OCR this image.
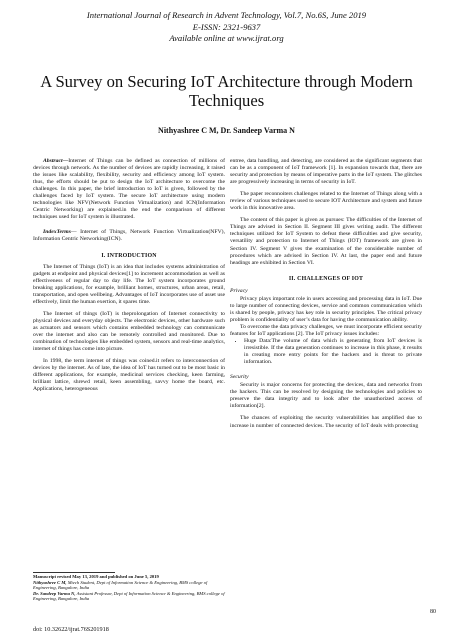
International Journal of Research in Advent Technology, Vol.7, No.6S, June 2019
E-ISSN: 2321-9637
Available online at www.ijrat.org
A Survey on Securing IoT Architecture through Modern Techniques
Nithyashree C M, Dr. Sandeep Varma N

Abstract—Internet of Things can be defined as connection of millions of devices through network. As the number of devices are rapidly increasing, it raised the issues like scalability, flexibility, security and efficiency among IoT system. thus, the efforts should be put to design the IoT architecture to overcome the challenges. In this paper, the brief introduction to IoT is given, followed by the challenges faced by IoT system. The secure IoT architecture using modern technologies like NFV(Network Function Virtualization) and ICN(Information Centric Networking) are explained.in the end the comparison of different techniques used for IoT system is illustrated.

IndexTerms— Internet of Things, Network Function Virtualization(NFV), Information Centric Networking(ICN).

I. INTRODUCTION

The Internet of Things (IoT) is an idea that includes systems administration of gadgets at endpoint and physical devices[1] to increment accommodation as well as effectiveness of regular day to day life. The IoT system incorporates ground breaking applications, for example, brilliant homes, structures, urban areas, retail, transportation, and open wellbeing. Advantages of IoT incorporates use of asset use effectively, limit the human exertion, it spares time.

The Internet of things (IoT) is theprolongation of Internet connectivity to physical devices and everyday objects. The electronic devices, other hardware such as actuators and sensors which contains embedded technology can communicate over the internet and also can be remotely controlled and monitored. Due to combination of technologies like embedded system, sensors and real-time analytics, internet of things has come into picture.

In 1998, the term internet of things was coined.it refers to interconnection of devices by the internet. As of late, the idea of IoT has turned out to be most basic in different applications, for example, medicinal services checking, keen farming, brilliant lattice, shrewd retail, keen assembling, savvy home the board, etc. Applications, heterogeneous

entree, data handling, and detecting, are considered as the significant segments that can be as a component of IoT framework [1]. In expansion towards that, there are security and protection by means of imperative parts in the IoT system. The glitches are progressively increasing in terms of security in IoT.

The paper reconnoiters challenges related to the Internet of Things along with a review of various techniques used to secure IOT Architecture and system and future work in this innovative area.

The content of this paper is given as pursues: The difficulties of the Internet of Things are advised in Section II. Segment III gives writing audit. The different techniques utilized for IoT System to defeat these difficulties and give security, versatility and protection to Internet of Things (IOT) framework are given in Section IV. Segment V gives the examination of the considerable number of procedures which are advised in Section IV. At last, the paper end and future headings are exhibited in Section VI.

II. CHALLENGES OF IOT
Privacy

Privacy plays important role in users accessing and processing data in IoT. Due to large number of connecting devices, service and common communication which is shared by people, privacy has key role in security principles. The critical privacy problem is confidentiality of user’s data for having the communication ability.

To overcome the data privacy challenges, we must incorporate efficient security features for IoT applications [2]. The IoT privacy issues includes:

• Huge Data:The volume of data which is generating from IoT devices is irresistible. If the data generation continues to increase in this phase, it results in creating more entry points for the hackers and is threat to private information.
Security

Security is major concerns for protecting the devices, data and networks from the hackers. This can be resolved by designing the technologies and policies to preserve the data integrity and to look after the unauthorized access of information[2].

The chances of exploiting the security vulnerabilities has amplified due to increase in number of connected devices. The security of IoT deals with protecting

Manuscript revised May 13, 2019 and published on June 5, 2019

Nithyashree C M, Mtech Student, Dept of Information Science & Engineering, BMS college of Engineering, Bangalore, India

Dr. Sandeep Varma N, Assistant Professor, Dept of Information Science & Engineering, BMS college of Engineering, Bangalore, India

80
doi: 10.32622/ijrat.76S201918
